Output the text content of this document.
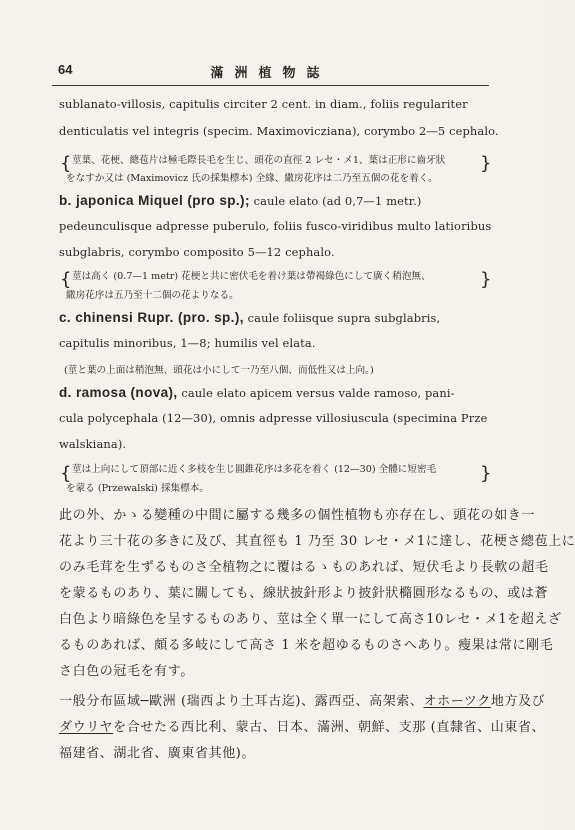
64	滿洲植物誌
sublanato-villosis, capitulis circiter 2 cent. in diam., foliis regulariter
denticulatis vel integris (specim. Maximovicziana), corymbo 2—5 cephalo.
{ 莖葉、花梗、總苞片は極毛際長毛を生じ、頭花の直徑 2 レセ・メ1、葉は正形に齒牙狀
をなすか又は (Maximovicz 氏の採集標本) 全緣、繖房花序は二乃至五個の花を着く。
}
b. japonica Miquel (pro sp.); caule elato (ad 0,7—1 metr.)
pedeunculisque adpresse puberulo, foliis fusco-viridibus multo latioribus
subglabris, corymbo composito 5—12 cephalo.
{ 莖は高く (0.7—1 metr) 花梗と共に密伏毛を着け葉は帶褐綠色にして廣く稍泡無、
繖房花序は五乃至十二個の花よりなる。
}
c. chinensi Rupr. (pro. sp.), caule foliisque supra subglabris,
capitulis minoribus, 1—8; humilis vel elata.
(莖と葉の上面は稍泡無、頭花は小にして一乃至八個、而低性又は上向。)
d. ramosa (nova), caule elato apicem versus valde ramoso, pani-
cula polycephala (12—30), omnis adpresse villosiuscula (specimina Prze
walskiana).
{ 莖は上向にして頂部に近く多枝を生じ圓錐花序は多花を着く (12—30) 全體に短密毛
を蒙る (Przewalski) 採集標本。
}
此の外、かゝる變種の中間に屬する幾多の個性植物も亦存在し、頭花の如き一
花より三十花の多きに及び、其直徑も 1 乃至 30 レセ・メ1に達し、花梗さ總苞上に
のみ毛茸を生ずるものさ全植物之に覆はるゝものあれば、短伏毛より長軟の超毛
を蒙るものあり、葉に關しても、線狀披針形より披針狀橢圓形なるもの、或は蒼
白色より暗綠色を呈するものあり、莖は全く單一にして高さ10レセ・メ1を超えざ
るものあれば、頗る多岐にして高さ 1 米を超ゆるものさへあり。瘦果は常に剛毛
さ白色の冠毛を有す。
一般分布區域─歐洲 (瑞西より土耳古迄)、露西亞、高架索、オホーツク地方及び
ダウリヤを合せたる西比利、蒙古、日本、滿洲、朝鮮、支那 (直隸省、山東省、
福建省、湖北省、廣東省其他)。
